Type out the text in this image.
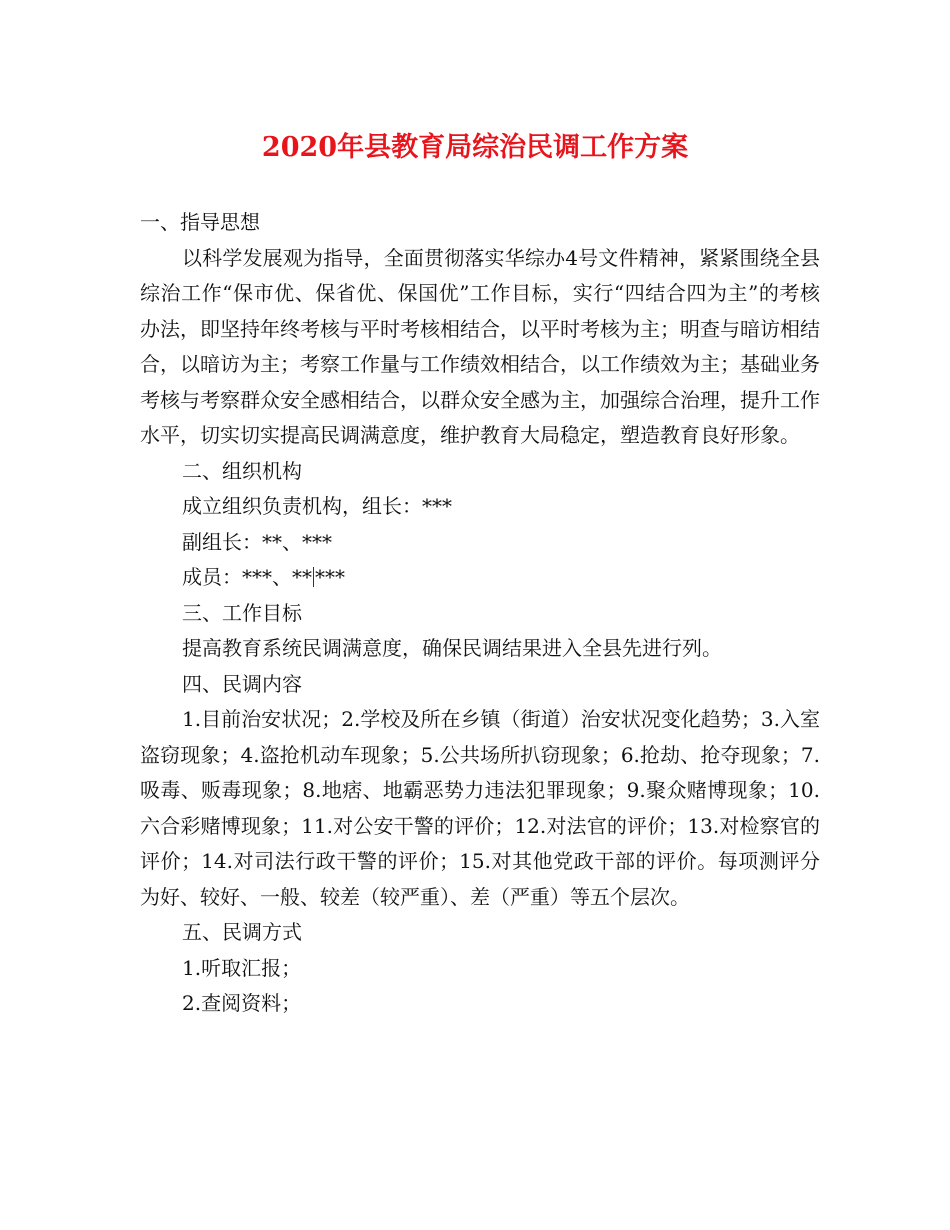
2020年县教育局综治民调工作方案

一、指导思想

以科学发展观为指导，全面贯彻落实华综办4号文件精神，紧紧围绕全县综治工作“保市优、保省优、保国优”工作目标，实行“四结合四为主”的考核办法，即坚持年终考核与平时考核相结合，以平时考核为主；明查与暗访相结合，以暗访为主；考察工作量与工作绩效相结合，以工作绩效为主；基础业务考核与考察群众安全感相结合，以群众安全感为主，加强综合治理，提升工作水平，切实切实提高民调满意度，维护教育大局稳定，塑造教育良好形象。

二、组织机构

成立组织负责机构，组长：***

副组长：**、***

成员：***、** ***

三、工作目标

提高教育系统民调满意度，确保民调结果进入全县先进行列。

四、民调内容

1.目前治安状况；2.学校及所在乡镇（街道）治安状况变化趋势；3.入室盗窃现象；4.盗抢机动车现象；5.公共场所扒窃现象；6.抢劫、抢夺现象；7.吸毒、贩毒现象；8.地痞、地霸恶势力违法犯罪现象；9.聚众赌博现象；10.六合彩赌博现象；11.对公安干警的评价；12.对法官的评价；13.对检察官的评价；14.对司法行政干警的评价；15.对其他党政干部的评价。每项测评分为好、较好、一般、较差（较严重）、差（严重）等五个层次。

五、民调方式

1.听取汇报；

2.查阅资料；
